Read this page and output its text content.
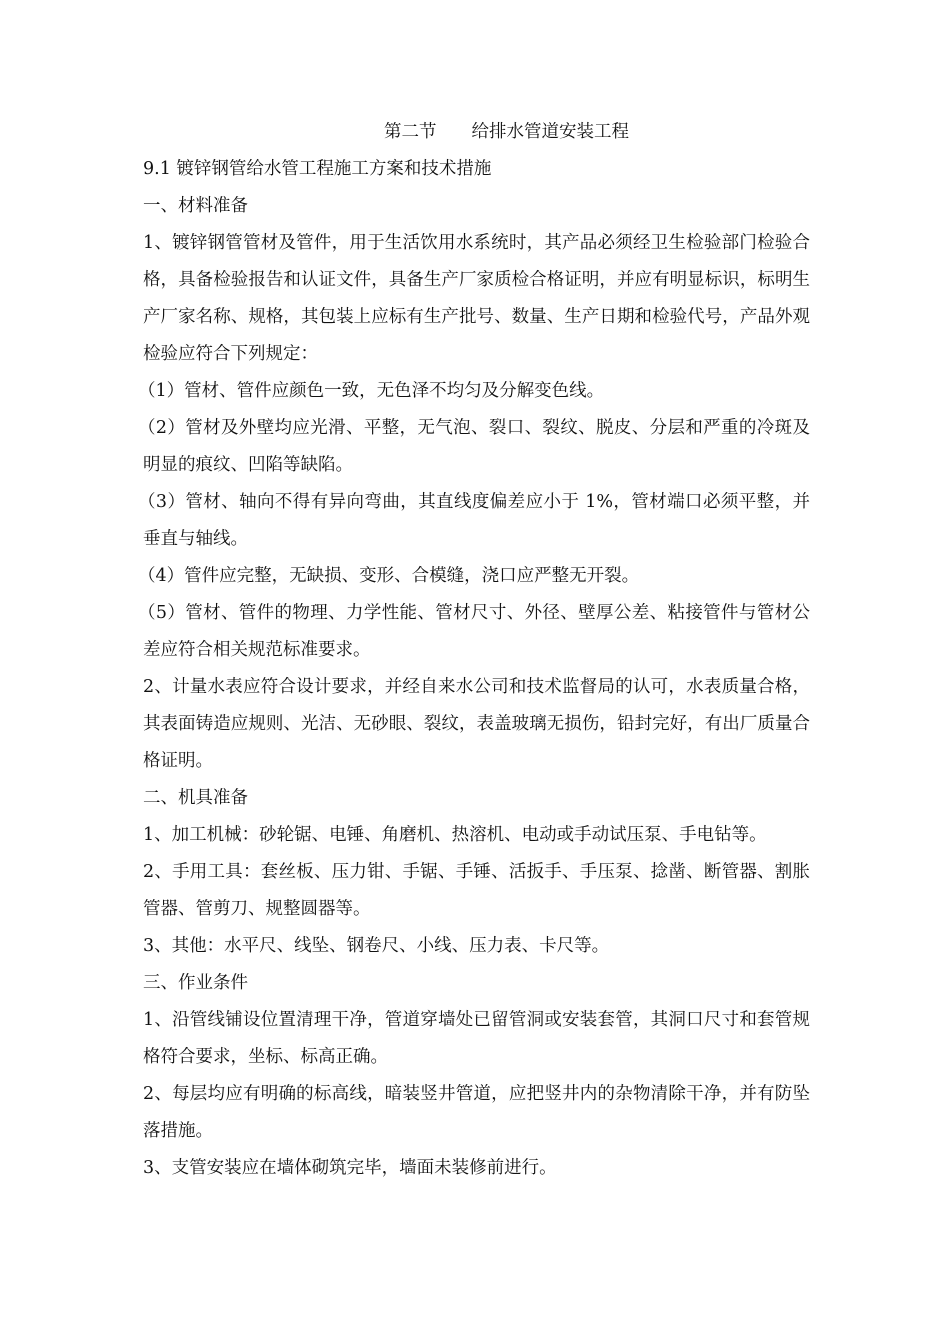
第二节　　给排水管道安装工程

9.1 镀锌钢管给水管工程施工方案和技术措施

一、材料准备

1、镀锌钢管管材及管件，用于生活饮用水系统时，其产品必须经卫生检验部门检验合格，具备检验报告和认证文件，具备生产厂家质检合格证明，并应有明显标识，标明生产厂家名称、规格，其包装上应标有生产批号、数量、生产日期和检验代号，产品外观检验应符合下列规定：

（1）管材、管件应颜色一致，无色泽不均匀及分解变色线。

（2）管材及外壁均应光滑、平整，无气泡、裂口、裂纹、脱皮、分层和严重的冷斑及明显的痕纹、凹陷等缺陷。

（3）管材、轴向不得有异向弯曲，其直线度偏差应小于 1%，管材端口必须平整，并垂直与轴线。

（4）管件应完整，无缺损、变形、合模缝，浇口应严整无开裂。

（5）管材、管件的物理、力学性能、管材尺寸、外径、壁厚公差、粘接管件与管材公差应符合相关规范标准要求。

2、计量水表应符合设计要求，并经自来水公司和技术监督局的认可，水表质量合格，其表面铸造应规则、光洁、无砂眼、裂纹，表盖玻璃无损伤，铅封完好，有出厂质量合格证明。

二、机具准备

1、加工机械：砂轮锯、电锤、角磨机、热溶机、电动或手动试压泵、手电钻等。

2、手用工具：套丝板、压力钳、手锯、手锤、活扳手、手压泵、捻凿、断管器、割胀管器、管剪刀、规整圆器等。

3、其他：水平尺、线坠、钢卷尺、小线、压力表、卡尺等。

三、作业条件

1、沿管线铺设位置清理干净，管道穿墙处已留管洞或安装套管，其洞口尺寸和套管规格符合要求，坐标、标高正确。

2、每层均应有明确的标高线，暗装竖井管道，应把竖井内的杂物清除干净，并有防坠落措施。

3、支管安装应在墙体砌筑完毕，墙面未装修前进行。
